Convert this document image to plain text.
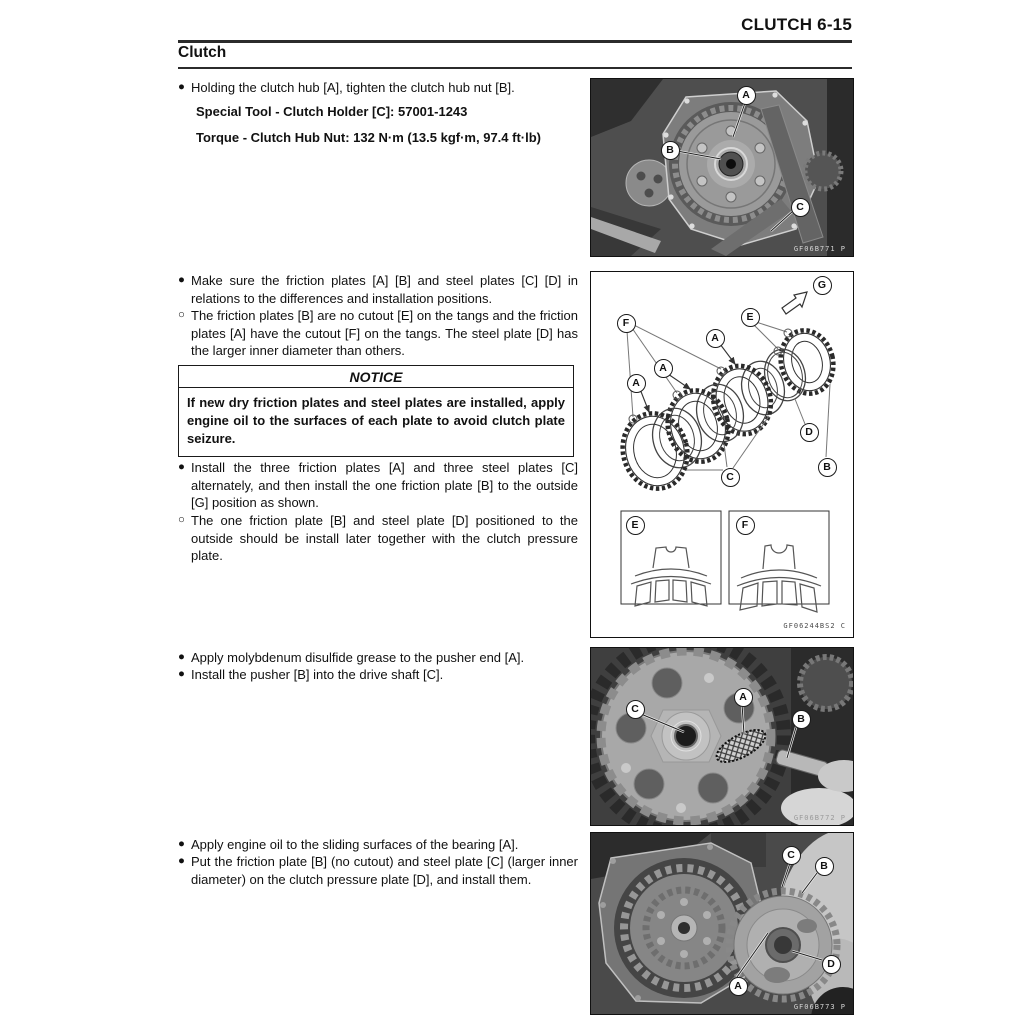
CLUTCH 6-15
Clutch
● Holding the clutch hub [A], tighten the clutch hub nut [B].
Special Tool - Clutch Holder [C]: 57001-1243
Torque - Clutch Hub Nut: 132 N·m (13.5 kgf·m, 97.4 ft·lb)
● Make sure the friction plates [A] [B] and steel plates [C] [D] in relations to the differences and installation positions.
○ The friction plates [B] are no cutout [E] on the tangs and the friction plates [A] have the cutout [F] on the tangs. The steel plate [D] has the larger inner diameter than others.
NOTICE
If new dry friction plates and steel plates are installed, apply engine oil to the surfaces of each plate to avoid clutch plate seizure.
● Install the three friction plates [A] and three steel plates [C] alternately, and then install the one friction plate [B] to the outside [G] position as shown.
○ The one friction plate [B] and steel plate [D] positioned to the outside should be install later together with the clutch pressure plate.
● Apply molybdenum disulfide grease to the pusher end [A].
● Install the pusher [B] into the drive shaft [C].
● Apply engine oil to the sliding surfaces of the bearing [A].
● Put the friction plate [B] (no cutout) and steel plate [C] (larger inner diameter) on the clutch pressure plate [D], and install them.
A
B
C
GF06B771 P
G
F	E
A
A
A
D
B
C
E	F
GF06244BS2 C
C
A
B
GF06B772 P
C
B
D
A
GF06B773 P
